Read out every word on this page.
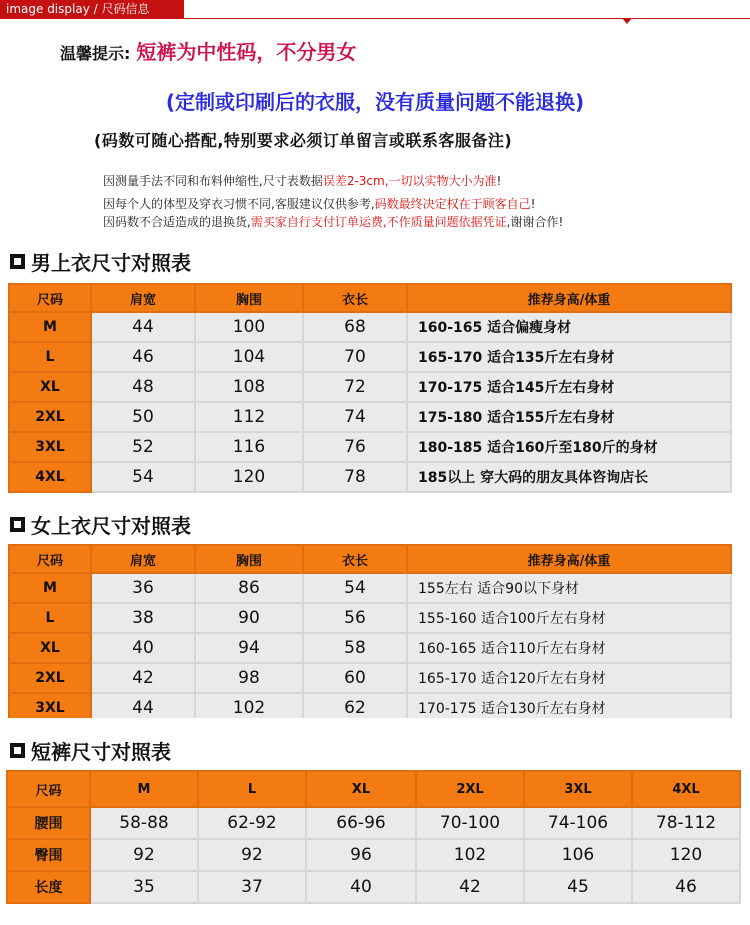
image display / 尺码信息
温馨提示: 短裤为中性码，不分男女
(定制或印刷后的衣服，没有质量问题不能退换)
(码数可随心搭配,特别要求必须订单留言或联系客服备注)
因测量手法不同和布料伸缩性,尺寸表数据误差2-3cm,一切以实物大小为准!
因每个人的体型及穿衣习惯不同,客服建议仅供参考,码数最终决定权在于顾客自己!
因码数不合适造成的退换货,需买家自行支付订单运费,不作质量问题依据凭证,谢谢合作!
男上衣尺寸对照表
尺码	肩宽	胸围	衣长	推荐身高/体重
M	44	100	68	160-165 适合偏瘦身材
L	46	104	70	165-170 适合135斤左右身材
XL	48	108	72	170-175 适合145斤左右身材
2XL	50	112	74	175-180 适合155斤左右身材
3XL	52	116	76	180-185 适合160斤至180斤的身材
4XL	54	120	78	185以上 穿大码的朋友具体咨询店长
女上衣尺寸对照表
尺码	肩宽	胸围	衣长	推荐身高/体重
M	36	86	54	155左右 适合90以下身材
L	38	90	56	155-160 适合100斤左右身材
XL	40	94	58	160-165 适合110斤左右身材
2XL	42	98	60	165-170 适合120斤左右身材
3XL	44	102	62	170-175 适合130斤左右身材
短裤尺寸对照表
尺码	M	L	XL	2XL	3XL	4XL
腰围	58-88	62-92	66-96	70-100	74-106	78-112
臀围	92	92	96	102	106	120
长度	35	37	40	42	45	46
